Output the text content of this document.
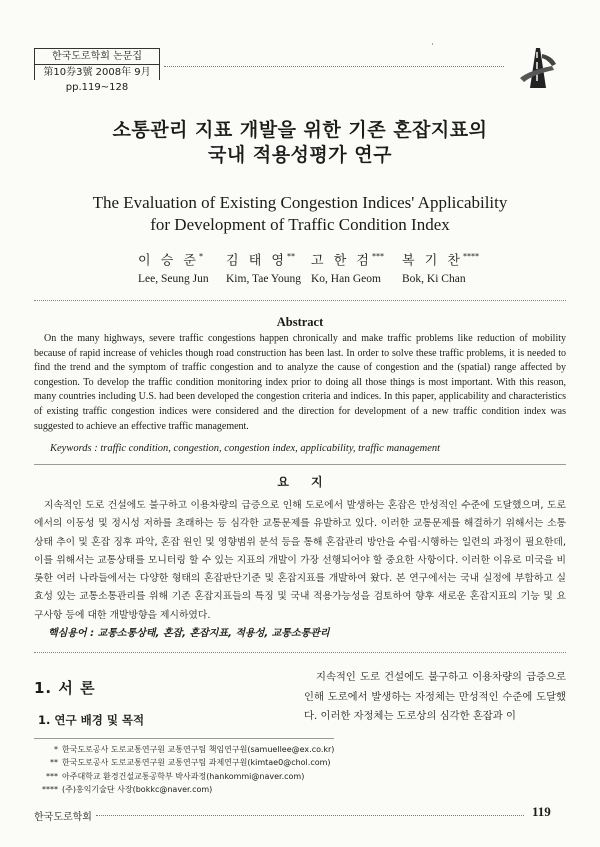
한국도로학회 논문집
第10券3號 2008年 9月
pp.119~128
·
소통관리 지표 개발을 위한 기존 혼잡지표의
국내 적용성평가 연구
The Evaluation of Existing Congestion Indices' Applicability
for Development of Traffic Condition Index
이 승 준*
Lee, Seung Jun
김 태 영**
Kim, Tae Young
고 한 검***
Ko, Han Geom
복 기 찬****
Bok, Ki Chan
Abstract

On the many highways, severe traffic congestions happen chronically and make traffic problems like reduction of mobility because of rapid increase of vehicles though road construction has been last. In order to solve these traffic problems, it is needed to find the trend and the symptom of traffic congestion and to analyze the cause of congestion and the (spatial) range affected by congestion. To develop the traffic condition monitoring index prior to doing all those things is most important. With this reason, many countries including U.S. had been developed the congestion criteria and indices. In this paper, applicability and characteristics of existing traffic congestion indices were considered and the direction for development of a new traffic condition index was suggested to achieve an effective traffic management.

Keywords : traffic condition, congestion, congestion index, applicability, traffic management
요지

지속적인 도로 건설에도 불구하고 이용차량의 급증으로 인해 도로에서 발생하는 혼잡은 만성적인 수준에 도달했으며, 도로에서의 이동성 및 정시성 저하를 초래하는 등 심각한 교통문제를 유발하고 있다. 이러한 교통문제를 해결하기 위해서는 소통상태 추이 및 혼잡 징후 파악, 혼잡 원인 및 영향범위 분석 등을 통해 혼잡관리 방안을 수립·시행하는 일련의 과정이 필요한데, 이를 위해서는 교통상태를 모니터링 할 수 있는 지표의 개발이 가장 선행되어야 할 중요한 사항이다. 이러한 이유로 미국을 비롯한 여러 나라들에서는 다양한 형태의 혼잡판단기준 및 혼잡지표를 개발하여 왔다. 본 연구에서는 국내 실정에 부합하고 실효성 있는 교통소통관리를 위해 기존 혼잡지표들의 특징 및 국내 적용가능성을 검토하여 향후 새로운 혼잡지표의 기능 및 요구사항 등에 대한 개발방향을 제시하였다.

핵심용어 : 교통소통상태, 혼잡, 혼잡지표, 적용성, 교통소통관리
1. 서 론
1. 연구 배경 및 목적

지속적인 도로 건설에도 불구하고 이용차량의 급증으로 인해 도로에서 발생하는 자정체는 만성적인 수준에 도달했다. 이러한 자정체는 도로상의 심각한 혼잡과 이

* 한국도로공사 도로교통연구원 교통연구팀 책임연구원(samuellee@ex.co.kr)
** 한국도로공사 도로교통연구원 교통연구팀 과제연구원(kimtae0@chol.com)
*** 아주대학교 환경건설교통공학부 박사과정(hankommi@naver.com)
**** (주)홍익기술단 사장(bokkc@naver.com)
한국도로학회	119
